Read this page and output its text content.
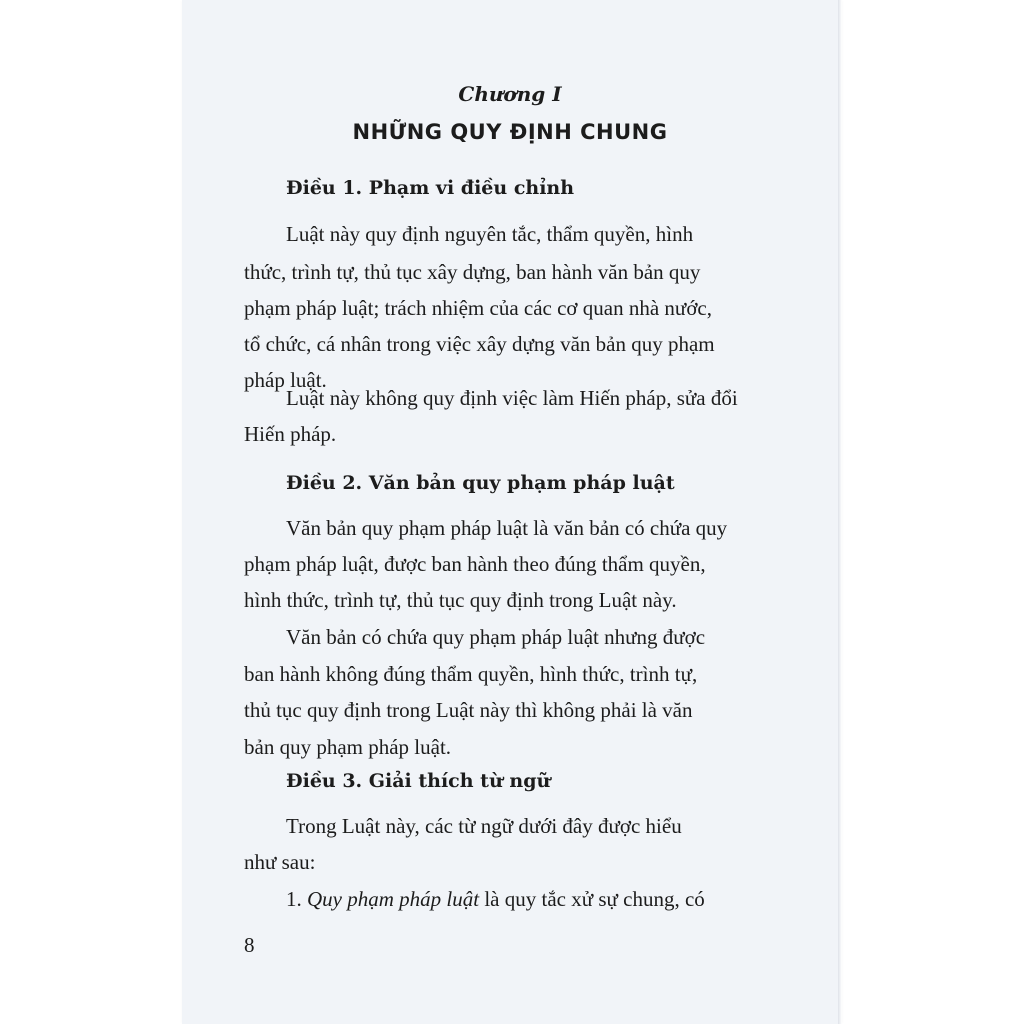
Chương I
NHỮNG QUY ĐỊNH CHUNG
Điều 1. Phạm vi điều chỉnh
Luật này quy định nguyên tắc, thẩm quyền, hình
thức, trình tự, thủ tục xây dựng, ban hành văn bản quy
phạm pháp luật; trách nhiệm của các cơ quan nhà nước,
tổ chức, cá nhân trong việc xây dựng văn bản quy phạm
pháp luật.
Luật này không quy định việc làm Hiến pháp, sửa đổi
Hiến pháp.
Điều 2. Văn bản quy phạm pháp luật
Văn bản quy phạm pháp luật là văn bản có chứa quy
phạm pháp luật, được ban hành theo đúng thẩm quyền,
hình thức, trình tự, thủ tục quy định trong Luật này.
Văn bản có chứa quy phạm pháp luật nhưng được
ban hành không đúng thẩm quyền, hình thức, trình tự,
thủ tục quy định trong Luật này thì không phải là văn
bản quy phạm pháp luật.
Điều 3. Giải thích từ ngữ
Trong Luật này, các từ ngữ dưới đây được hiểu
như sau:
1. Quy phạm pháp luật là quy tắc xử sự chung, có
8
